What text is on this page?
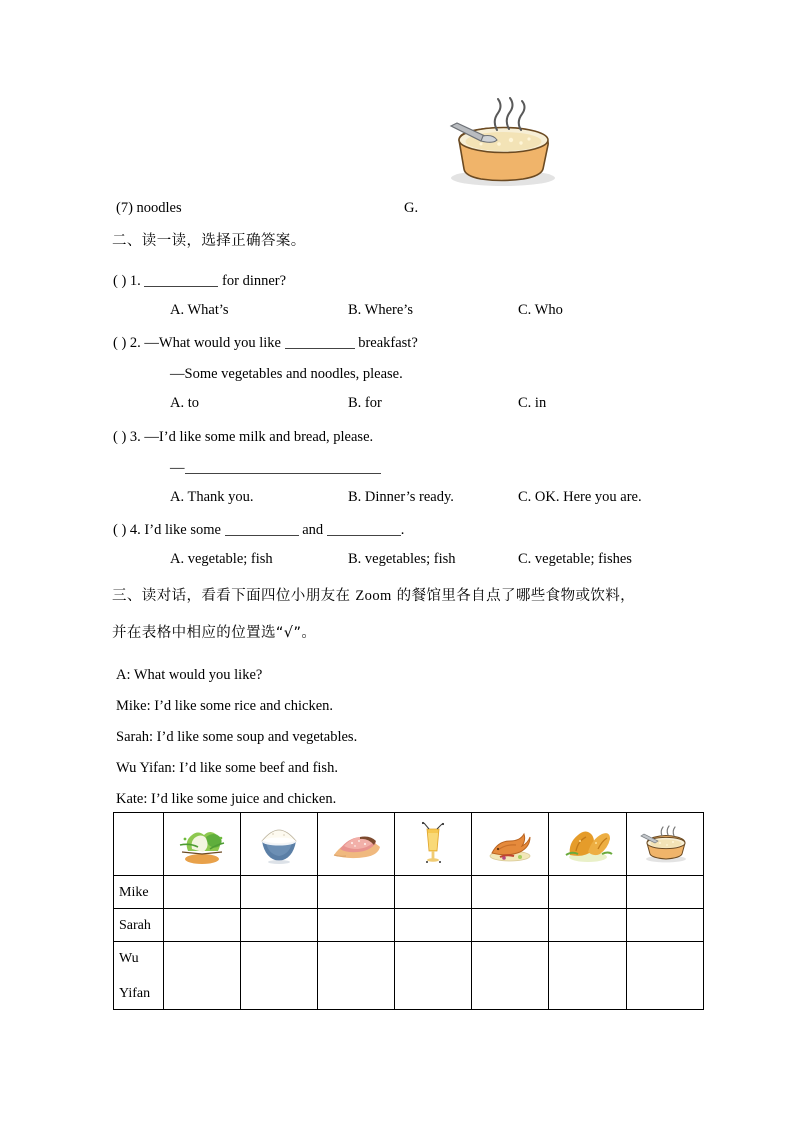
(7) noodles	G.
二、读一读，选择正确答案。
( ) 1.	for dinner?
A. What’s	B. Where’s	C. Who
( ) 2. —What would you like	breakfast?
—Some vegetables and noodles, please.
A. to	B. for	C. in
( ) 3. —I’d like some milk and bread, please.
—
A. Thank you.	B. Dinner’s ready.	C. OK. Here you are.
( ) 4. I’d like some	and	.
A. vegetable; fish	B. vegetables; fish	C. vegetable; fishes
三、读对话，看看下面四位小朋友在 Zoom 的餐馆里各自点了哪些食物或饮料，
并在表格中相应的位置选“√”。
A: What would you like?
Mike: I’d like some rice and chicken.
Sarah: I’d like some soup and vegetables.
Wu Yifan: I’d like some beef and fish.
Kate: I’d like some juice and chicken.

Mike							
Sarah							

Wu
Yifan							
